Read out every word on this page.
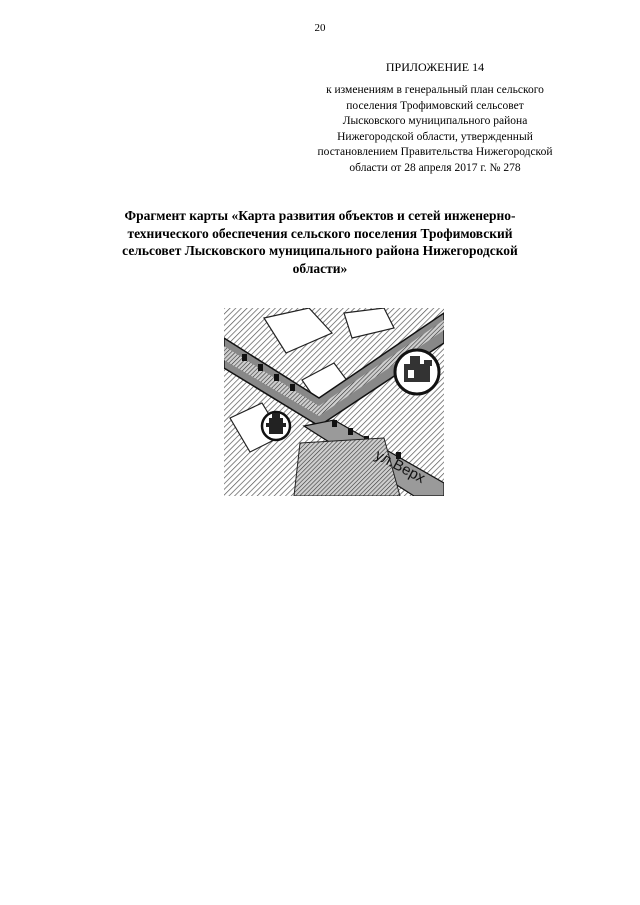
20
ПРИЛОЖЕНИЕ 14
к изменениям в генеральный план сельского
поселения Трофимовский сельсовет
Лысковского муниципального района
Нижегородской области, утвержденный
постановлением Правительства Нижегородской
области от 28 апреля 2017 г. № 278
Фрагмент карты «Карта развития объектов и сетей инженерно-
технического обеспечения сельского поселения Трофимовский
сельсовет Лысковского муниципального района Нижегородской
области»
ул.Верх
